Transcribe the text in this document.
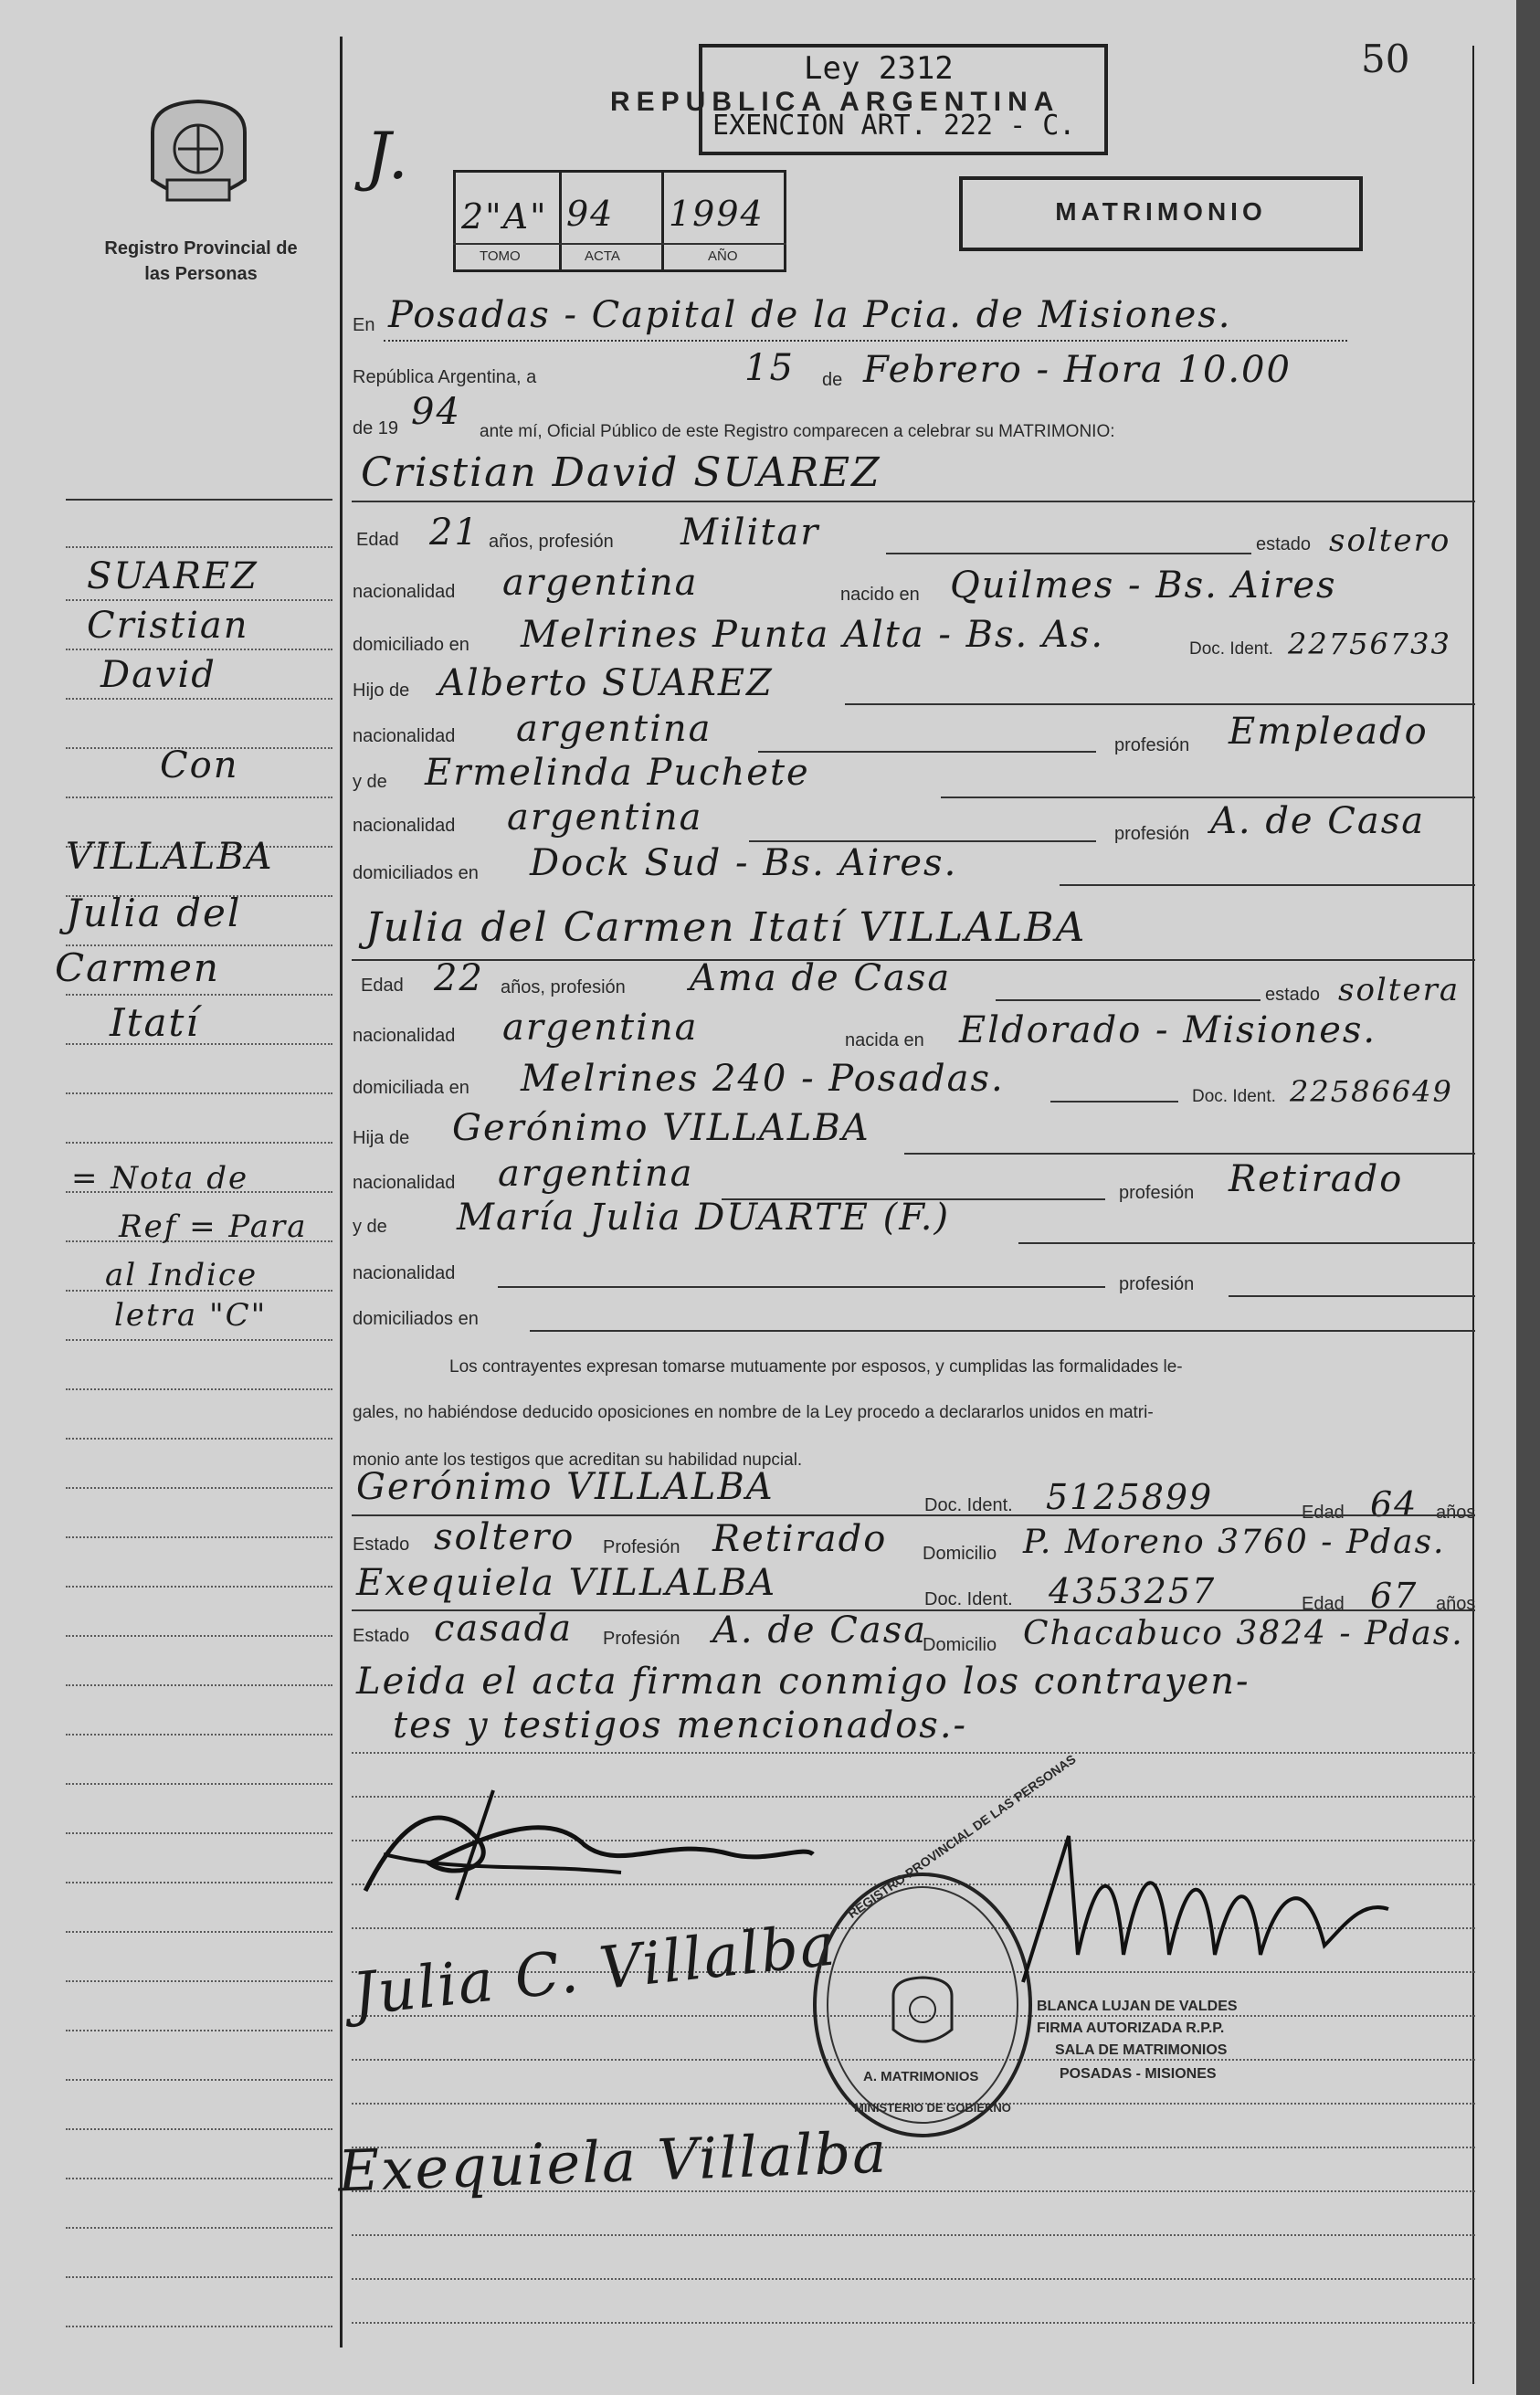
50
J.
REPUBLICA ARGENTINA
Ley 2312
EXENCION ART. 222 - C.
Registro Provincial de las Personas
2"A" 94 1994
TOMO	ACTA	AÑO
MATRIMONIO
En Posadas - Capital de la Pcia. de Misiones.
República Argentina, a	15 de Febrero - Hora 10.00
de 19 94 ante mí, Oficial Público de este Registro comparecen a celebrar su MATRIMONIO:
Cristian David SUAREZ
Edad 21 años, profesión Militar	estado soltero
nacionalidad argentina	nacido en Quilmes - Bs. Aires
domiciliado en Melrines Punta Alta - Bs. As.	Doc. Ident. 22756733
Hijo de Alberto SUAREZ
nacionalidad argentina	profesión Empleado
y de Ermelinda Puchete
nacionalidad argentina	profesión A. de Casa
domiciliados en Dock Sud - Bs. Aires.
Julia del Carmen Itatí VILLALBA
Edad 22 años, profesión Ama de Casa	estado soltera
nacionalidad argentina	nacida en Eldorado - Misiones.
domiciliada en Melrines 240 - Posadas.	Doc. Ident. 22586649
Hija de Gerónimo VILLALBA
nacionalidad argentina	profesión Retirado
y de María Julia DUARTE (F.)
nacionalidad
profesión
domiciliados en
Los contrayentes expresan tomarse mutuamente por esposos, y cumplidas las formalidades le-
gales, no habiéndose deducido oposiciones en nombre de la Ley procedo a declararlos unidos en matri-
monio ante los testigos que acreditan su habilidad nupcial.
Gerónimo VILLALBA	Doc. Ident. 5125899	Edad 64 años
Estado soltero Profesión Retirado Domicilio P. Moreno 3760 - Pdas.
Exequiela VILLALBA	Doc. Ident. 4353257	Edad 67 años
Estado casada Profesión A. de Casa
Domicilio Chacabuco 3824 - Pdas.
Leida el acta firman conmigo los contrayen-
tes y testigos mencionados.-
SUAREZ
Cristian
David
Con
VILLALBA
Julia del
Carmen
Itatí
= Nota de
Ref = Para
al Indice
letra "C"
Julia C. Villalba
Exequiela Villalba
REGISTRO PROVINCIAL DE LAS PERSONAS
A. MATRIMONIOS
MINISTERIO DE GOBIERNO
BLANCA LUJAN DE VALDES
FIRMA AUTORIZADA R.P.P.
SALA DE MATRIMONIOS
POSADAS - MISIONES
